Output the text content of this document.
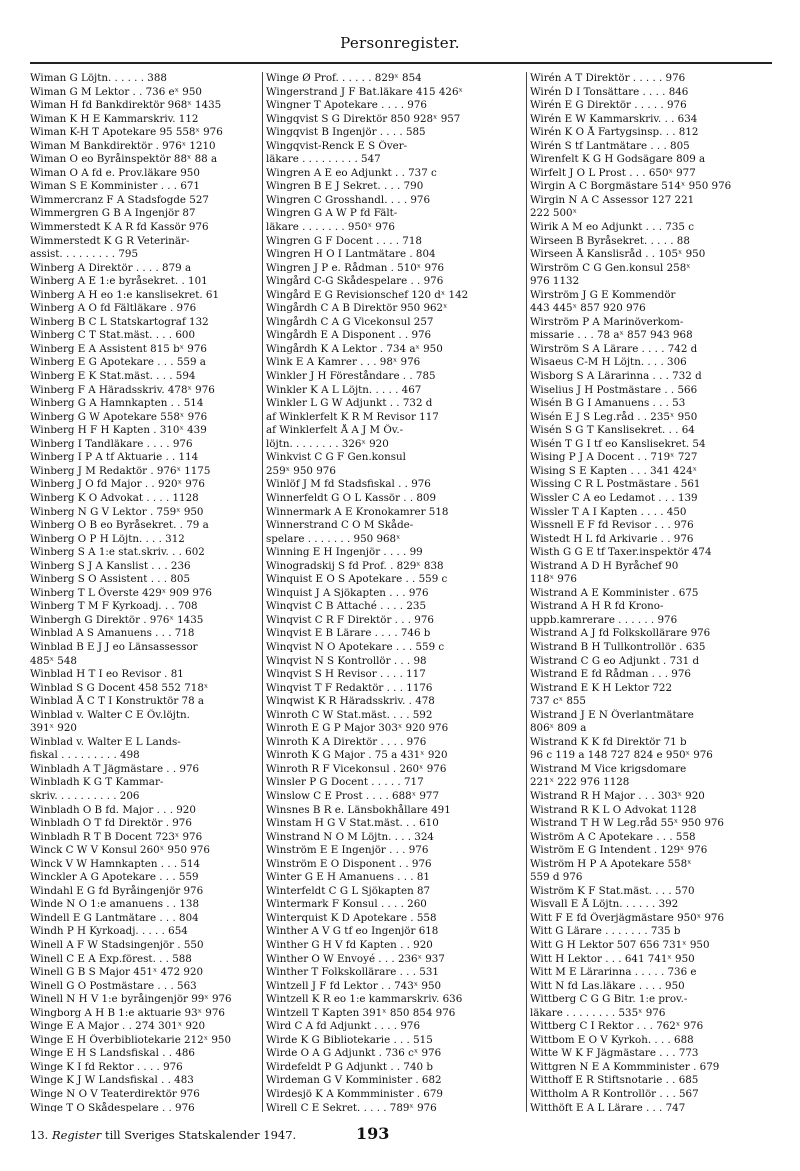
Personregister.
Wiman G Löjtn. . . . . . 388
Wiman G M Lektor . . 736 eˣ 950
Wiman H fd Bankdirektör 968ˣ 1435
Wiman K H E Kammarskriv. 112
Wiman K-H T Apotekare 95 558ˣ 976
Wiman M Bankdirektör . 976ˣ 1210
Wiman O eo Byråinspektör 88ˣ 88 a
Wiman O A fd e. Prov.läkare 950
Wiman S E Komminister . . . 671
Wimmercranz F A Stadsfogde 527
Wimmergren G B A Ingenjör 87
Wimmerstedt K A R fd Kassör 976
Wimmerstedt K G R Veterinär-
assist. . . . . . . . . 795
Winberg A Direktör . . . . 879 a
Winberg A E 1:e byråsekret. . 101
Winberg A H eo 1:e kanslisekret. 61
Winberg A O fd Fältläkare . 976
Winberg B C L Statskartograf 132
Winberg C T Stat.mäst. . . . 600
Winberg E A Assistent 815 bˣ 976
Winberg E G Apotekare . . . 559 a
Winberg E K Stat.mäst. . . . 594
Winberg F A Häradsskriv. 478ˣ 976
Winberg G A Hamnkapten . . 514
Winberg G W Apotekare 558ˣ 976
Winberg H F H Kapten . 310ˣ 439
Winberg I Tandläkare . . . . 976
Winberg I P A tf Aktuarie . . 114
Winberg J M Redaktör . 976ˣ 1175
Winberg J O fd Major . . 920ˣ 976
Winberg K O Advokat . . . . 1128
Winberg N G V Lektor . 759ˣ 950
Winberg O B eo Byråsekret. . 79 a
Winberg O P H Löjtn. . . . 312
Winberg S A 1:e stat.skriv. . . 602
Winberg S J A Kanslist . . . 236
Winberg S O Assistent . . . 805
Winberg T L Överste 429ˣ 909 976
Winberg T M F Kyrkoadj. . . 708
Winbergh G Direktör . 976ˣ 1435
Winblad A S Amanuens . . . 718
Winblad B E J J eo Länsassessor
485ˣ 548
Winblad H T I eo Revisor . 81
Winblad S G Docent 458 552 718ˣ
Winblad Å C T I Konstruktör 78 a
Winblad v. Walter C E Öv.löjtn.
391ˣ 920
Winblad v. Walter E L Lands-
fiskal . . . . . . . . . 498
Winbladh A T Jägmästare . . 976
Winbladh K G T Kammar-
skriv. . . . . . . . . . 206
Winbladh O B fd. Major . . . 920
Winbladh O T fd Direktör . 976
Winbladh R T B Docent 723ˣ 976
Winck C W V Konsul 260ˣ 950 976
Winck V W Hamnkapten . . . 514
Winckler A G Apotekare . . . 559
Windahl E G fd Byråingenjör 976
Winde N O 1:e amanuens . . 138
Windell E G Lantmätare . . . 804
Windh P H Kyrkoadj. . . . . 654
Winell A F W Stadsingenjör . 550
Winell C E A Exp.förest. . . 588
Winell G B S Major 451ˣ 472 920
Winell G O Postmästare . . . 563
Winell N H V 1:e byråingenjör 99ˣ 976
Wingborg A H B 1:e aktuarie 93ˣ 976
Winge E A Major . . 274 301ˣ 920
Winge E H Överbibliotekarie 212ˣ 950
Winge E H S Landsfiskal . . 486
Winge K I fd Rektor . . . . 976
Winge K J W Landsfiskal . . 483
Winge N O V Teaterdirektör 976
Winge T O Skådespelare . . 976
Winge Ø Prof. . . . . . 829ˣ 854
Wingerstrand J F Bat.läkare 415 426ˣ
Wingner T Apotekare . . . . 976
Wingqvist S G Direktör 850 928ˣ 957
Wingqvist B Ingenjör . . . . 585
Wingqvist-Renck E S Över-
läkare . . . . . . . . . 547
Wingren A E eo Adjunkt . . 737 c
Wingren B E J Sekret. . . . 790
Wingren C Grosshandl. . . . 976
Wingren G A W P fd Fält-
läkare . . . . . . . 950ˣ 976
Wingren G F Docent . . . . 718
Wingren H O I Lantmätare . 804
Wingren J P e. Rådman . 510ˣ 976
Wingård C-G Skådespelare . . 976
Wingård E G Revisionschef 120 dˣ 142
Wingårdh C A B Direktör 950 962ˣ
Wingårdh C A G Vicekonsul 257
Wingårdh E A Disponent . . 976
Wingårdh K A Lektor . 734 aˣ 950
Wink E A Kamrer . . . 98ˣ 976
Winkler J H Föreståndare . . 785
Winkler K A L Löjtn. . . . . 467
Winkler L G W Adjunkt . . 732 d
af Winklerfelt K R M Revisor 117
af Winklerfelt Å A J M Öv.-
löjtn. . . . . . . . 326ˣ 920
Winkvist C G F Gen.konsul
259ˣ 950 976
Winlöf J M fd Stadsfiskal . . 976
Winnerfeldt G O L Kassör . . 809
Winnermark A E Kronokamrer 518
Winnerstrand C O M Skåde-
spelare . . . . . . . 950 968ˣ
Winning E H Ingenjör . . . . 99
Winogradskij S fd Prof. . 829ˣ 838
Winquist E O S Apotekare . . 559 c
Winquist J A Sjökapten . . . 976
Winqvist C B Attaché . . . . 235
Winqvist C R F Direktör . . . 976
Winqvist E B Lärare . . . . 746 b
Winqvist N O Apotekare . . . 559 c
Winqvist N S Kontrollör . . . 98
Winqvist S H Revisor . . . . 117
Winqvist T F Redaktör . . . 1176
Winqwist K R Häradsskriv. . 478
Winroth C W Stat.mäst. . . . 592
Winroth E G P Major 303ˣ 920 976
Winroth K A Direktör . . . . 976
Winroth K G Major . 75 a 431ˣ 920
Winroth R F Vicekonsul . 260ˣ 976
Winsler P G Docent . . . . . 717
Winslow C E Prost . . . . 688ˣ 977
Winsnes B R e. Länsbokhållare 491
Winstam H G V Stat.mäst. . . 610
Winstrand N O M Löjtn. . . . 324
Winström E E Ingenjör . . . 976
Winström E O Disponent . . 976
Winter G E H Amanuens . . . 81
Winterfeldt C G L Sjökapten 87
Wintermark F Konsul . . . . 260
Winterquist K D Apotekare . 558
Winther A V G tf eo Ingenjör 618
Winther G H V fd Kapten . . 920
Winther O W Envoyé . . . 236ˣ 937
Winther T Folkskollärare . . . 531
Wintzell J F fd Lektor . . 743ˣ 950
Wintzell K R eo 1:e kammarskriv. 636
Wintzell T Kapten 391ˣ 850 854 976
Wird C A fd Adjunkt . . . . 976
Wirde K G Bibliotekarie . . . 515
Wirde O A G Adjunkt . 736 cˣ 976
Wirdefeldt P G Adjunkt . . 740 b
Wirdeman G V Komminister . 682
Wirdesjö K A Kommminister . 679
Wirell C E Sekret. . . . . 789ˣ 976
Wirén A T Direktör . . . . . 976
Wirén D I Tonsättare . . . . 846
Wirén E G Direktör . . . . . 976
Wirén E W Kammarskriv. . . 634
Wirén K O Å Fartygsinsp. . . 812
Wirén S tf Lantmätare . . . 805
Wirenfelt K G H Godsägare 809 a
Wirfelt J O L Prost . . . 650ˣ 977
Wirgin A C Borgmästare 514ˣ 950 976
Wirgin N A C Assessor 127 221
222 500ˣ
Wirik A M eo Adjunkt . . . 735 c
Wirseen B Byråsekret. . . . . 88
Wirseen Å Kanslisråd . . 105ˣ 950
Wirström C G Gen.konsul 258ˣ
976 1132
Wirström J G E Kommendör
443 445ˣ 857 920 976
Wirström P A Marinöverkom-
missarie . . . 78 aˣ 857 943 968
Wirström S A Lärare . . . . 742 d
Wisaeus C-M H Löjtn. . . . 306
Wisborg S A Lärarinna . . . 732 d
Wiselius J H Postmästare . . 566
Wisén B G I Amanuens . . . 53
Wisén E J S Leg.råd . . 235ˣ 950
Wisén S G T Kanslisekret. . . 64
Wisén T G I tf eo Kanslisekret. 54
Wising P J A Docent . . 719ˣ 727
Wising S E Kapten . . . 341 424ˣ
Wissing C R L Postmästare . 561
Wissler C A eo Ledamot . . . 139
Wissler T A I Kapten . . . . 450
Wissnell E F fd Revisor . . . 976
Wistedt H L fd Arkivarie . . 976
Wisth G G E tf Taxer.inspektör 474
Wistrand A D H Byråchef 90
118ˣ 976
Wistrand A E Komminister . 675
Wistrand A H R fd Krono-
uppb.kamrerare . . . . . . 976
Wistrand A J fd Folkskollärare 976
Wistrand B H Tullkontrollör . 635
Wistrand C G eo Adjunkt . 731 d
Wistrand E fd Rådman . . . 976
Wistrand E K H Lektor 722
737 cˣ 855
Wistrand J E N Överlantmätare
806ˣ 809 a
Wistrand K K fd Direktör 71 b
96 c 119 a 148 727 824 e 950ˣ 976
Wistrand M Vice krigsdomare
221ˣ 222 976 1128
Wistrand R H Major . . . 303ˣ 920
Wistrand R K L O Advokat 1128
Wistrand T H W Leg.råd 55ˣ 950 976
Wiström A C Apotekare . . . 558
Wiström E G Intendent . 129ˣ 976
Wiström H P A Apotekare 558ˣ
559 d 976
Wiström K F Stat.mäst. . . . 570
Wisvall E Å Löjtn. . . . . . 392
Witt F E fd Överjägmästare 950ˣ 976
Witt G Lärare . . . . . . . 735 b
Witt G H Lektor 507 656 731ˣ 950
Witt H Lektor . . . 641 741ˣ 950
Witt M E Lärarinna . . . . . 736 e
Witt N fd Las.läkare . . . . 950
Wittberg C G G Bitr. 1:e prov.-
läkare . . . . . . . . 535ˣ 976
Wittberg C I Rektor . . . 762ˣ 976
Wittbom E O V Kyrkoh. . . . 688
Witte W K F Jägmästare . . . 773
Wittgren N E A Kommminister . 679
Witthoff E R Stiftsnotarie . . 685
Wittholm A R Kontrollör . . . 567
Witthöft E A L Lärare . . . 747
13. Register till Sveriges Statskalender 1947.	193
